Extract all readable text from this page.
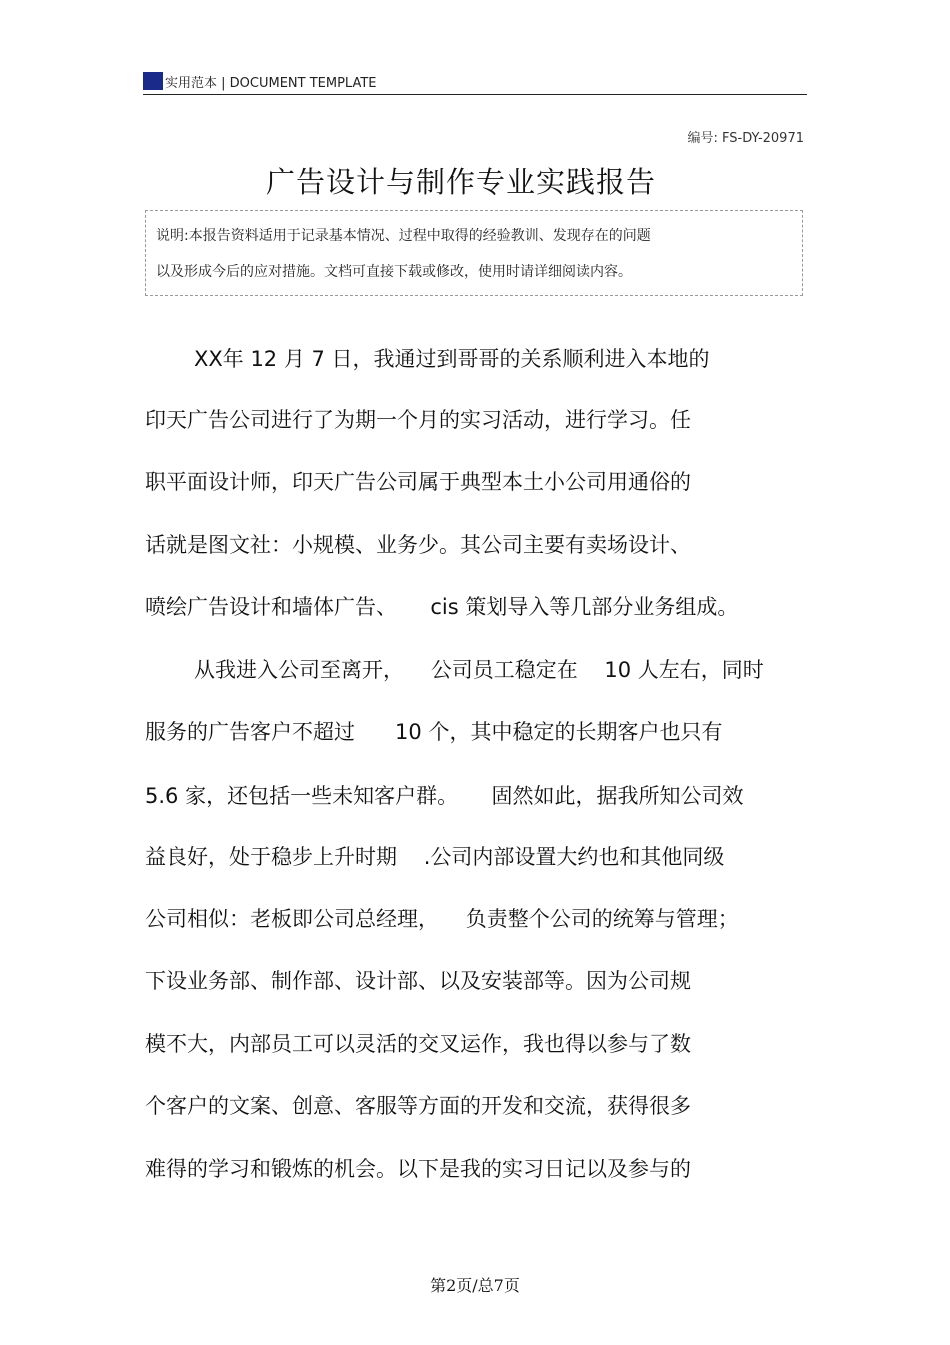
实用范本 | DOCUMENT TEMPLATE
编号: FS-DY-20971
广告设计与制作专业实践报告
说明:本报告资料适用于记录基本情况、过程中取得的经验教训、发现存在的问题
以及形成今后的应对措施。文档可直接下载或修改，使用时请详细阅读内容。
XX年 12 月 7 日，我通过到哥哥的关系顺利进入本地的
印天广告公司进行了为期一个月的实习活动，进行学习。任
职平面设计师，印天广告公司属于典型本土小公司用通俗的
话就是图文社：小规模、业务少。其公司主要有卖场设计、
喷绘广告设计和墙体广告、     cis 策划导入等几部分业务组成。
从我进入公司至离开，    公司员工稳定在    10 人左右，同时
服务的广告客户不超过      10 个，其中稳定的长期客户也只有
5.6 家，还包括一些未知客户群。     固然如此，据我所知公司效
益良好，处于稳步上升时期    .公司内部设置大约也和其他同级
公司相似：老板即公司总经理，    负责整个公司的统筹与管理；
下设业务部、制作部、设计部、以及安装部等。因为公司规
模不大，内部员工可以灵活的交叉运作，我也得以参与了数
个客户的文案、创意、客服等方面的开发和交流，获得很多
难得的学习和锻炼的机会。以下是我的实习日记以及参与的
第2页/总7页
